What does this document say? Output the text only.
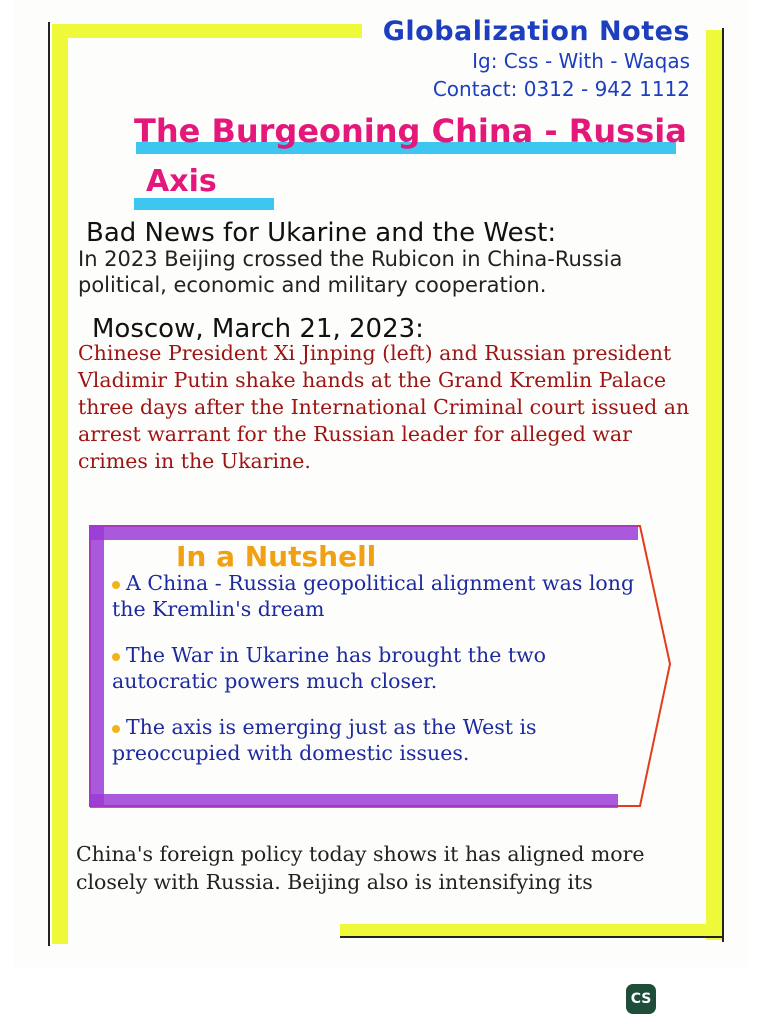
Globalization Notes
Ig: Css - With - Waqas
Contact: 0312 - 942 1112
The Burgeoning China - Russia
Axis
Bad News for Ukarine and the West:
In 2023 Beijing crossed the Rubicon in China-Russia political, economic and military cooperation.
Moscow, March 21, 2023:
Chinese President Xi Jinping (left) and Russian president Vladimir Putin shake hands at the Grand Kremlin Palace three days after the International Criminal court issued an arrest warrant for the Russian leader for alleged war crimes in the Ukarine.
In a Nutshell
A China - Russia geopolitical alignment was long the Kremlin's dream
The War in Ukarine has brought the two autocratic powers much closer.
The axis is emerging just as the West is preoccupied with domestic issues.
China's foreign policy today shows it has aligned more closely with Russia. Beijing also is intensifying its
CS
